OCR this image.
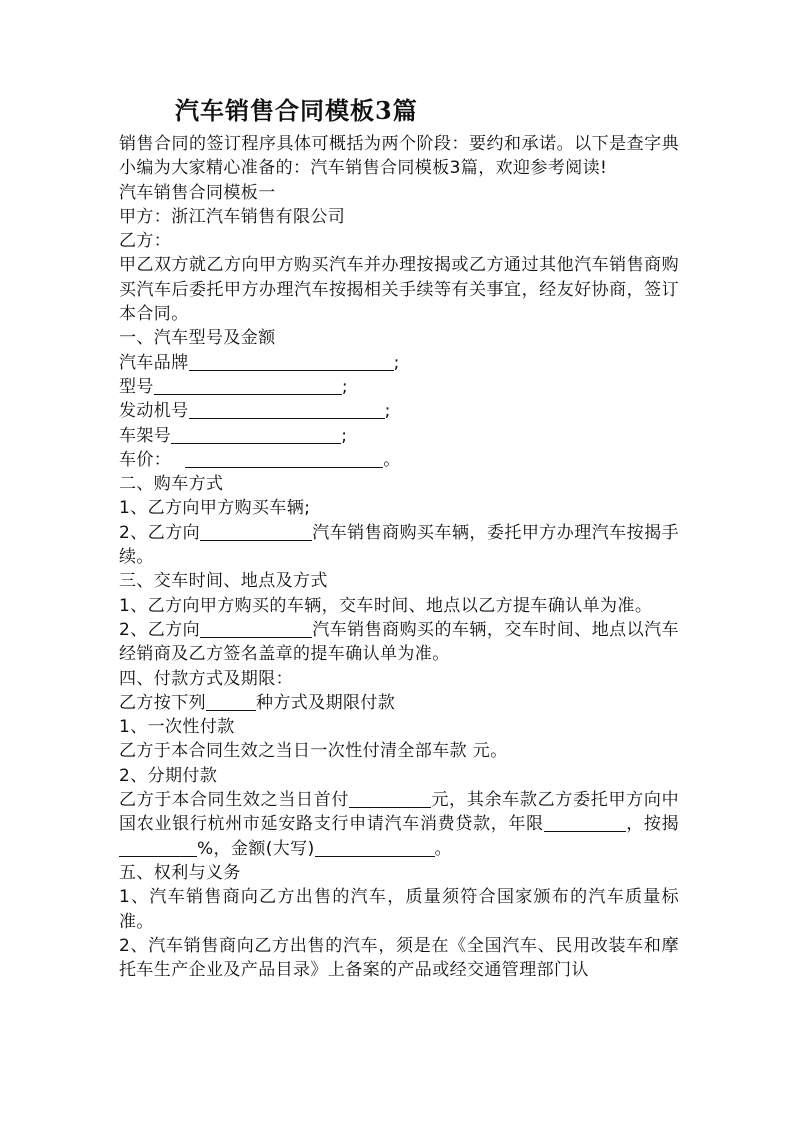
汽车销售合同模板3篇

销售合同的签订程序具体可概括为两个阶段：要约和承诺。以下是查字典小编为大家精心准备的：汽车销售合同模板3篇，欢迎参考阅读!

汽车销售合同模板一

甲方：浙江汽车销售有限公司

乙方：

甲乙双方就乙方向甲方购买汽车并办理按揭或乙方通过其他汽车销售商购买汽车后委托甲方办理汽车按揭相关手续等有关事宜，经友好协商，签订本合同。

一、汽车型号及金额

汽车品牌	;

型号	;

发动机号	;

车架号	;

车价：	。

二、购车方式

1、乙方向甲方购买车辆;

2、乙方向	汽车销售商购买车辆，委托甲方办理汽车按揭手续。

三、交车时间、地点及方式

1、乙方向甲方购买的车辆，交车时间、地点以乙方提车确认单为准。

2、乙方向	汽车销售商购买的车辆，交车时间、地点以汽车经销商及乙方签名盖章的提车确认单为准。

四、付款方式及期限：

乙方按下列	种方式及期限付款

1、一次性付款

乙方于本合同生效之当日一次性付清全部车款 元。

2、分期付款

乙方于本合同生效之当日首付	元，其余车款乙方委托甲方向中国农业银行杭州市延安路支行申请汽车消费贷款，年限	，按揭%，金额(大写)	。

五、权利与义务

1、汽车销售商向乙方出售的汽车，质量须符合国家颁布的汽车质量标准。

2、汽车销售商向乙方出售的汽车，须是在《全国汽车、民用改装车和摩托车生产企业及产品目录》上备案的产品或经交通管理部门认
